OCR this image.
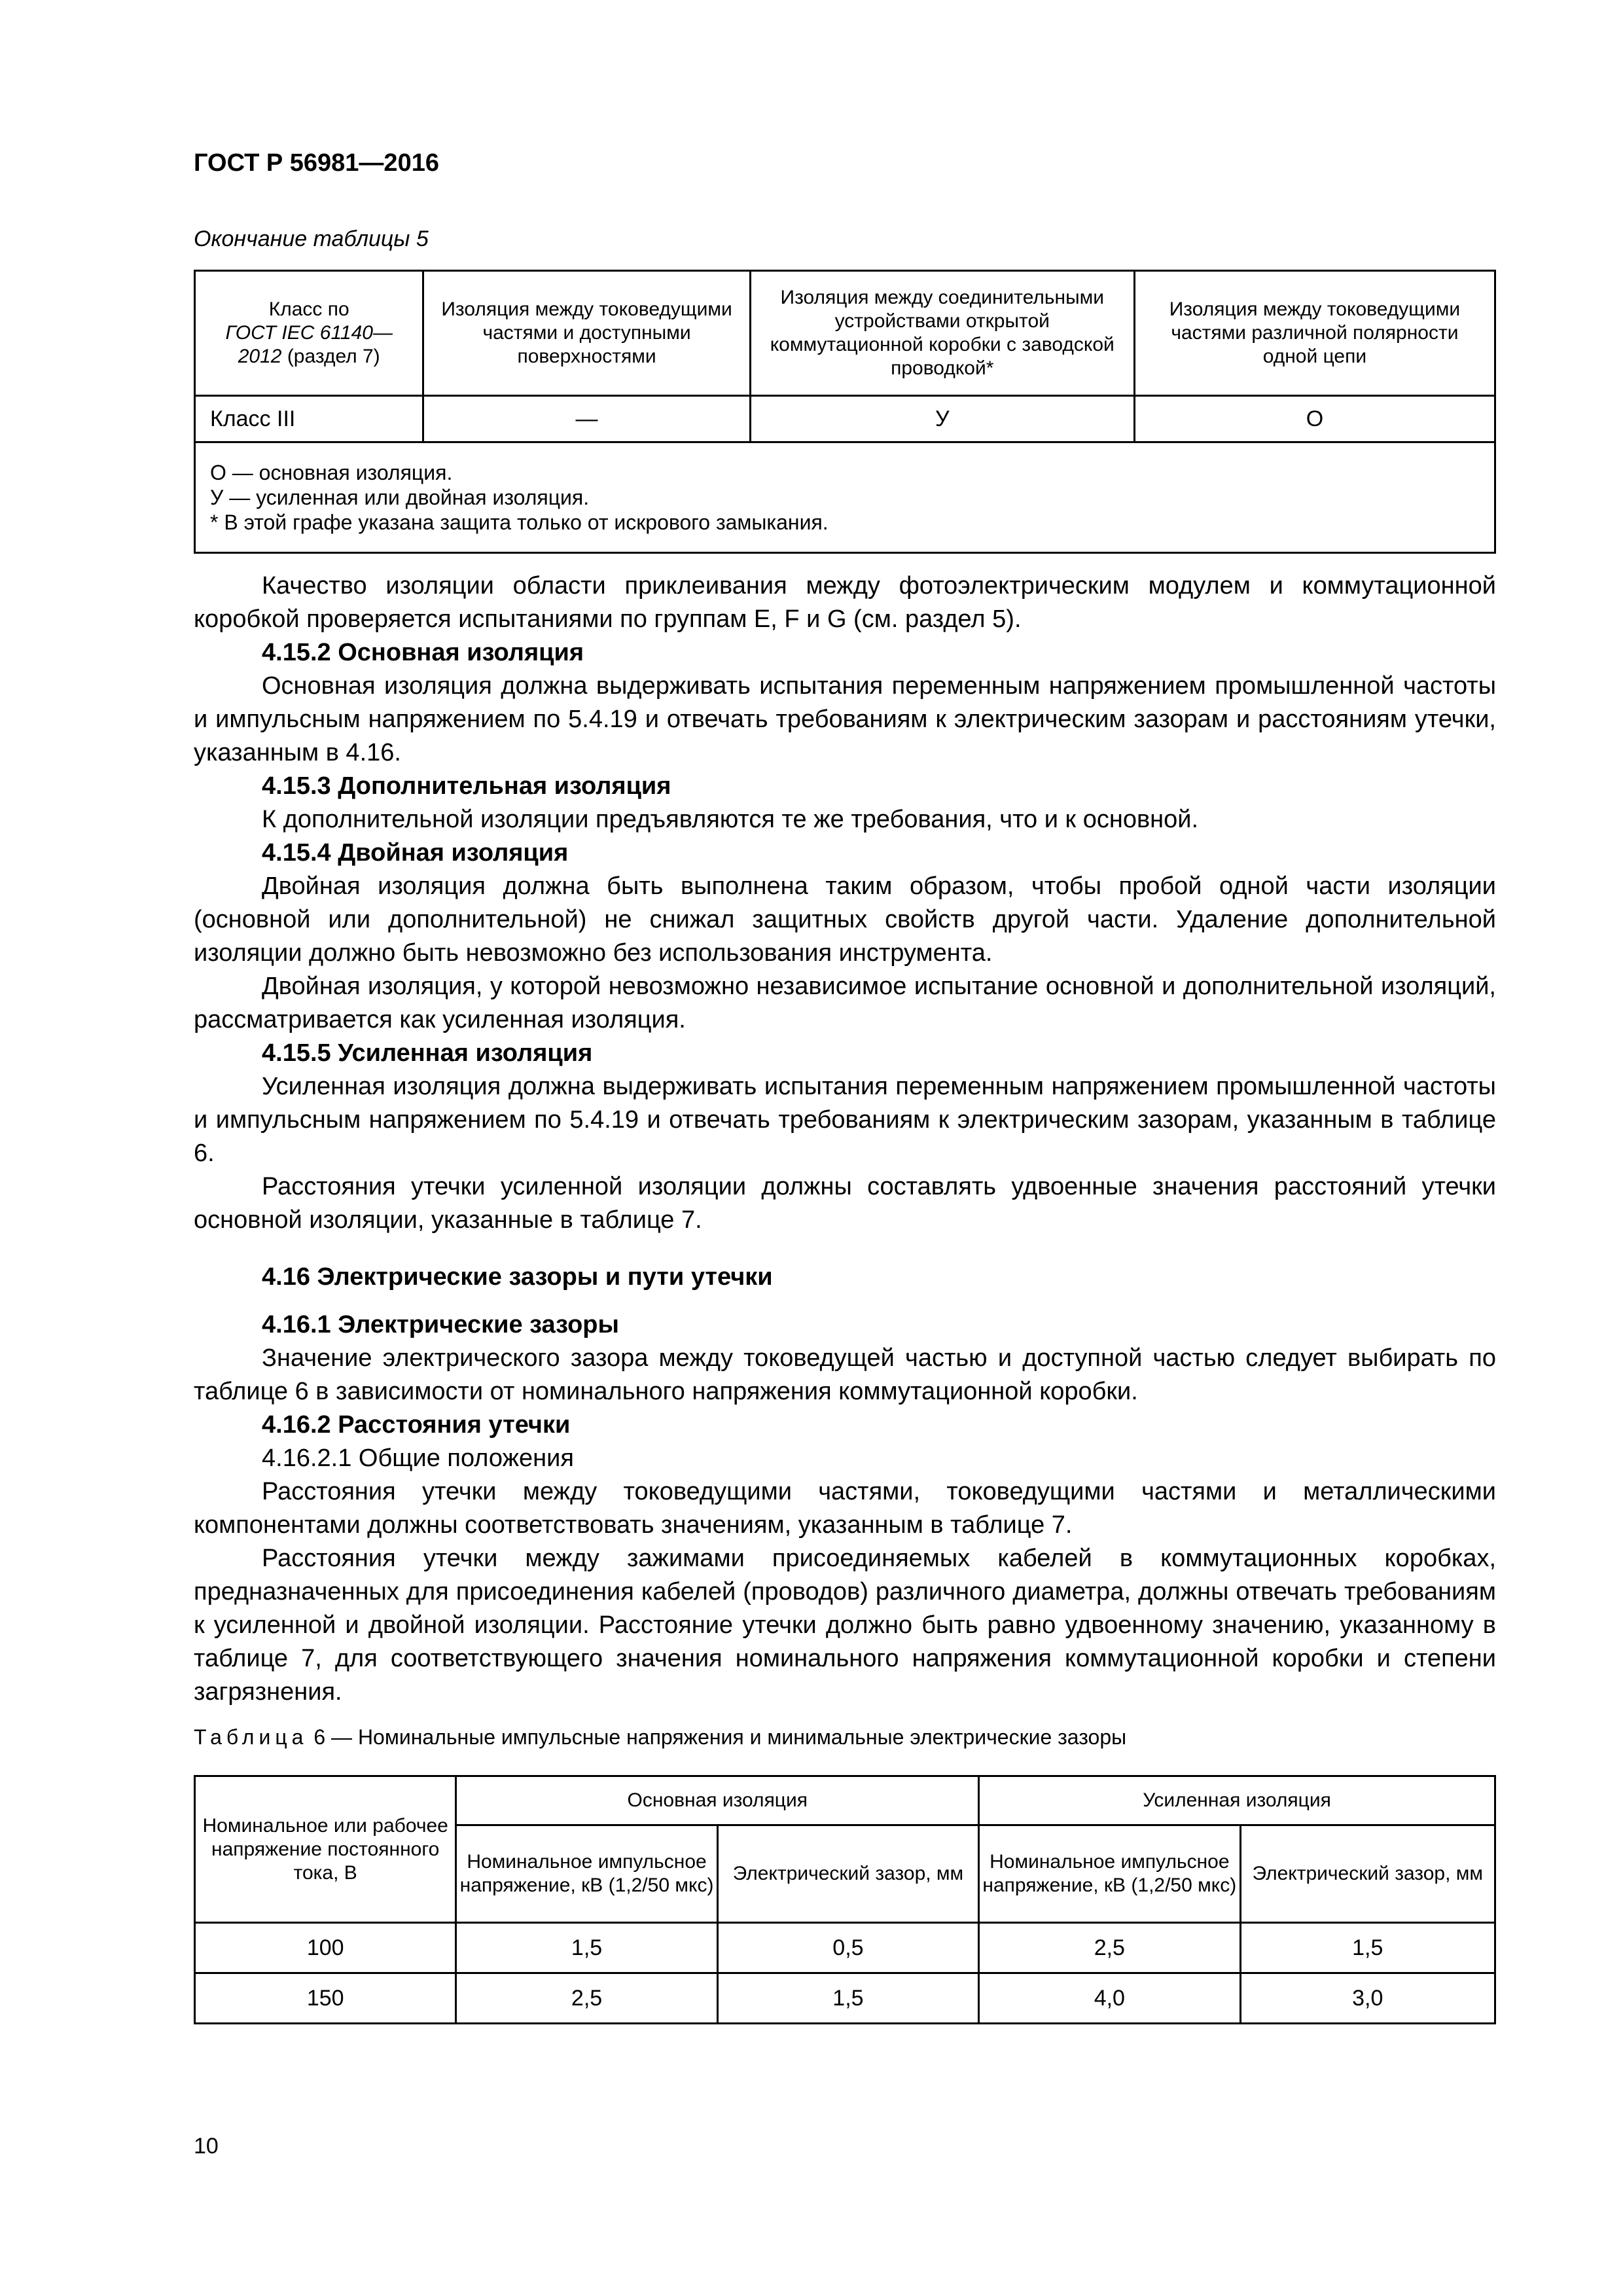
ГОСТ Р 56981—2016
Окончание таблицы 5
Класс по
ГОСТ IEC 61140—
2012 (раздел 7)	Изоляция между токоведущими частями и доступными поверхностями	Изоляция между соединительными устройствами открытой коммутационной коробки с заводской проводкой*	Изоляция между токоведущими частями различной полярности одной цепи
Класс III	—	У	О

О — основная изоляция.
У — усиленная или двойная изоляция.
* В этой графе указана защита только от искрового замыкания.			

Качество изоляции области приклеивания между фотоэлектрическим модулем и коммутационной коробкой проверяется испытаниями по группам E, F и G (см. раздел 5).

4.15.2 Основная изоляция

Основная изоляция должна выдерживать испытания переменным напряжением промышленной частоты и импульсным напряжением по 5.4.19 и отвечать требованиям к электрическим зазорам и расстояниям утечки, указанным в 4.16.

4.15.3 Дополнительная изоляция

К дополнительной изоляции предъявляются те же требования, что и к основной.

4.15.4 Двойная изоляция

Двойная изоляция должна быть выполнена таким образом, чтобы пробой одной части изоляции (основной или дополнительной) не снижал защитных свойств другой части. Удаление дополнительной изоляции должно быть невозможно без использования инструмента.

Двойная изоляция, у которой невозможно независимое испытание основной и дополнительной изоляций, рассматривается как усиленная изоляция.

4.15.5 Усиленная изоляция

Усиленная изоляция должна выдерживать испытания переменным напряжением промышленной частоты и импульсным напряжением по 5.4.19 и отвечать требованиям к электрическим зазорам, указанным в таблице 6.

Расстояния утечки усиленной изоляции должны составлять удвоенные значения расстояний утечки основной изоляции, указанные в таблице 7.

4.16 Электрические зазоры и пути утечки

4.16.1 Электрические зазоры

Значение электрического зазора между токоведущей частью и доступной частью следует выбирать по таблице 6 в зависимости от номинального напряжения коммутационной коробки.

4.16.2 Расстояния утечки

4.16.2.1 Общие положения

Расстояния утечки между токоведущими частями, токоведущими частями и металлическими компонентами должны соответствовать значениям, указанным в таблице 7.

Расстояния утечки между зажимами присоединяемых кабелей в коммутационных коробках, предназначенных для присоединения кабелей (проводов) различного диаметра, должны отвечать требованиям к усиленной и двойной изоляции. Расстояние утечки должно быть равно удвоенному значению, указанному в таблице 7, для соответствующего значения номинального напряжения коммутационной коробки и степени загрязнения.

Таблица 6 — Номинальные импульсные напряжения и минимальные электрические зазоры
Номинальное или рабочее напряжение постоянного тока, В	Основная изоляция		Усиленная изоляция	
	Номинальное импульсное напряжение, кВ (1,2/50 мкс)	Электрический зазор, мм	Номинальное импульсное напряжение, кВ (1,2/50 мкс)	Электрический зазор, мм
100	1,5	0,5	2,5	1,5
150	2,5	1,5	4,0	3,0
10
